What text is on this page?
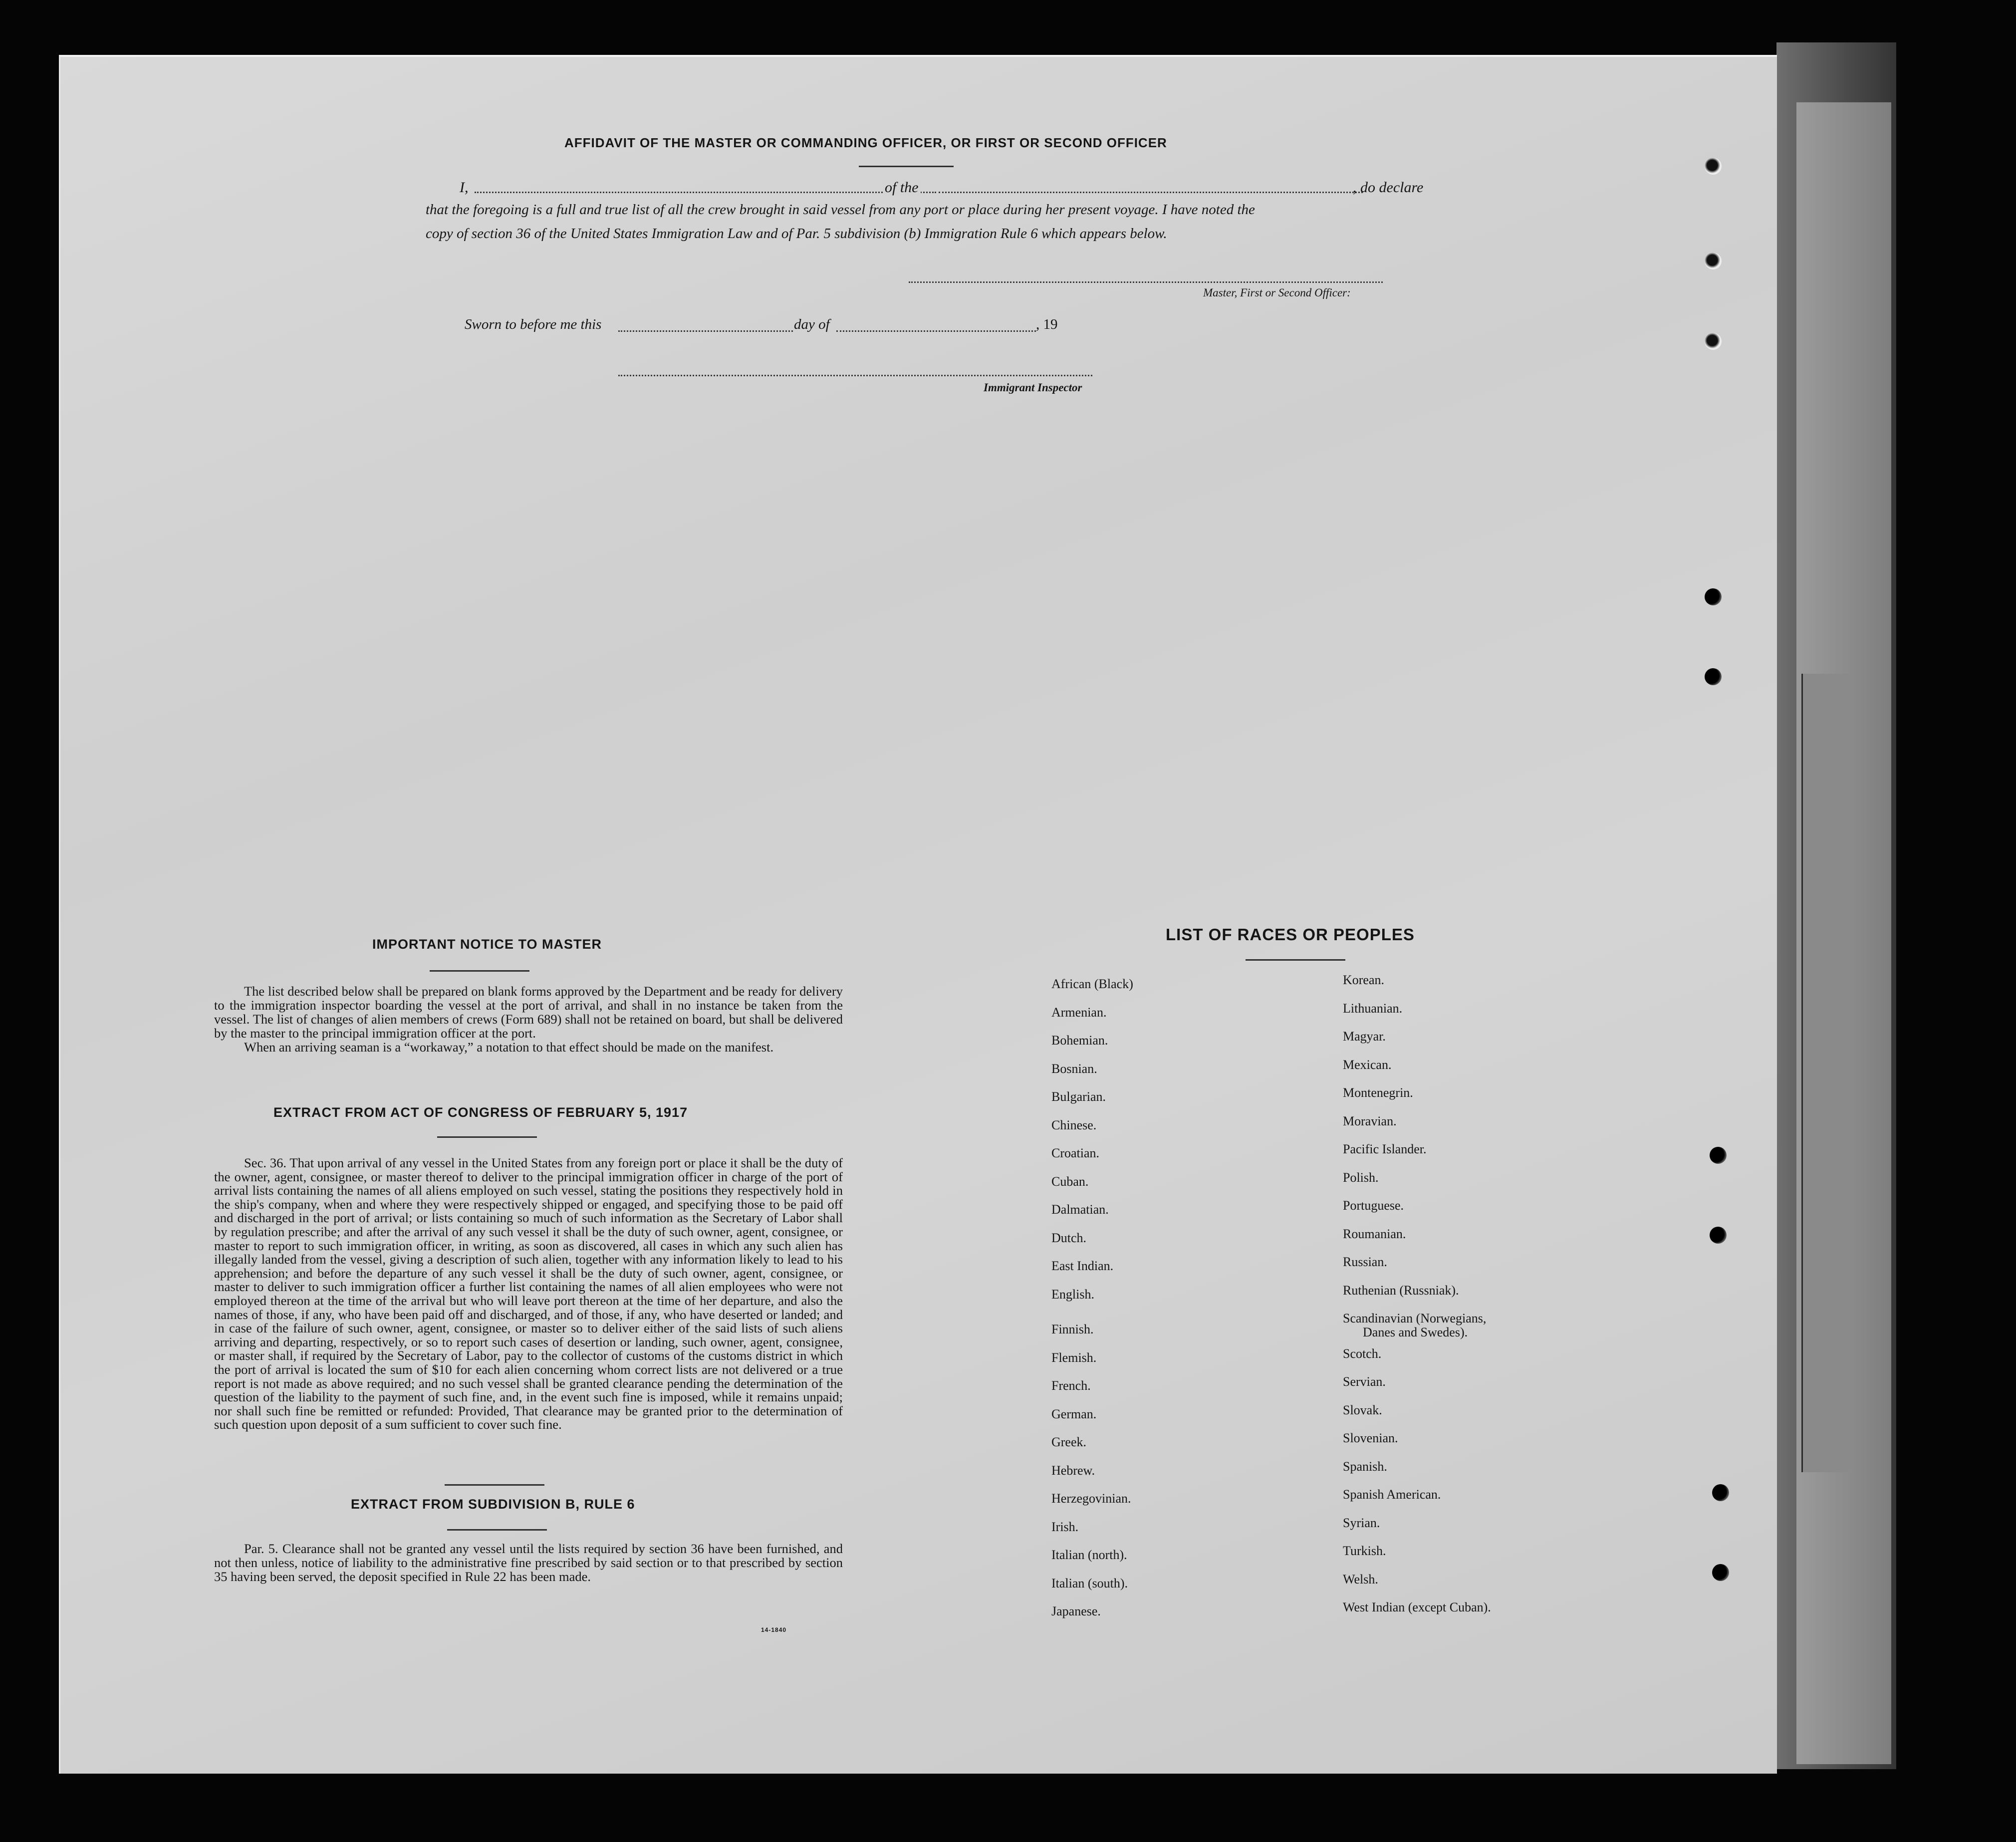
AFFIDAVIT OF THE MASTER OR COMMANDING OFFICER, OR FIRST OR SECOND OFFICER
I,	of the	, do declare
that the foregoing is a full and true list of all the crew brought in said vessel from any port or place during her present voyage. I have noted the
copy of section 36 of the United States Immigration Law and of Par. 5 subdivision (b) Immigration Rule 6 which appears below.
Master, First or Second Officer:
Sworn to before me this	day of	, 19
Immigrant Inspector
IMPORTANT NOTICE TO MASTER

The list described below shall be prepared on blank forms approved by the Department and be ready for delivery to the immigration inspector boarding the vessel at the port of arrival, and shall in no instance be taken from the vessel. The list of changes of alien members of crews (Form 689) shall not be retained on board, but shall be delivered by the master to the principal immigration officer at the port.

When an arriving seaman is a “workaway,” a notation to that effect should be made on the manifest.

EXTRACT FROM ACT OF CONGRESS OF FEBRUARY 5, 1917

Sec. 36. That upon arrival of any vessel in the United States from any foreign port or place it shall be the duty of the owner, agent, consignee, or master thereof to deliver to the principal immigration officer in charge of the port of arrival lists containing the names of all aliens employed on such vessel, stating the positions they respectively hold in the ship's company, when and where they were respectively shipped or engaged, and specifying those to be paid off and discharged in the port of arrival; or lists containing so much of such information as the Secretary of Labor shall by regulation prescribe; and after the arrival of any such vessel it shall be the duty of such owner, agent, consignee, or master to report to such immigration officer, in writing, as soon as discovered, all cases in which any such alien has illegally landed from the vessel, giving a description of such alien, together with any information likely to lead to his apprehension; and before the departure of any such vessel it shall be the duty of such owner, agent, consignee, or master to deliver to such immigration officer a further list containing the names of all alien employees who were not employed thereon at the time of the arrival but who will leave port thereon at the time of her departure, and also the names of those, if any, who have been paid off and discharged, and of those, if any, who have deserted or landed; and in case of the failure of such owner, agent, consignee, or master so to deliver either of the said lists of such aliens arriving and departing, respectively, or so to report such cases of desertion or landing, such owner, agent, consignee, or master shall, if required by the Secretary of Labor, pay to the collector of customs of the customs district in which the port of arrival is located the sum of $10 for each alien concerning whom correct lists are not delivered or a true report is not made as above required; and no such vessel shall be granted clearance pending the determination of the question of the liability to the payment of such fine, and, in the event such fine is imposed, while it remains unpaid; nor shall such fine be remitted or refunded: Provided, That clearance may be granted prior to the determination of such question upon deposit of a sum sufficient to cover such fine.

EXTRACT FROM SUBDIVISION B, RULE 6

Par. 5. Clearance shall not be granted any vessel until the lists required by section 36 have been furnished, and not then unless, notice of liability to the administrative fine prescribed by said section or to that prescribed by section 35 having been served, the deposit specified in Rule 22 has been made.

14-1840
LIST OF RACES OR PEOPLES
African (Black)
Armenian.
Bohemian.
Bosnian.
Bulgarian.
Chinese.
Croatian.
Cuban.
Dalmatian.
Dutch.
East Indian.
English.
Finnish.
Flemish.
French.
German.
Greek.
Hebrew.
Herzegovinian.
Irish.
Italian (north).
Italian (south).
Japanese.
Korean.
Lithuanian.
Magyar.
Mexican.
Montenegrin.
Moravian.
Pacific Islander.
Polish.
Portuguese.
Roumanian.
Russian.
Ruthenian (Russniak).
Scandinavian (Norwegians,
Danes and Swedes).
Scotch.
Servian.
Slovak.
Slovenian.
Spanish.
Spanish American.
Syrian.
Turkish.
Welsh.
West Indian (except Cuban).
